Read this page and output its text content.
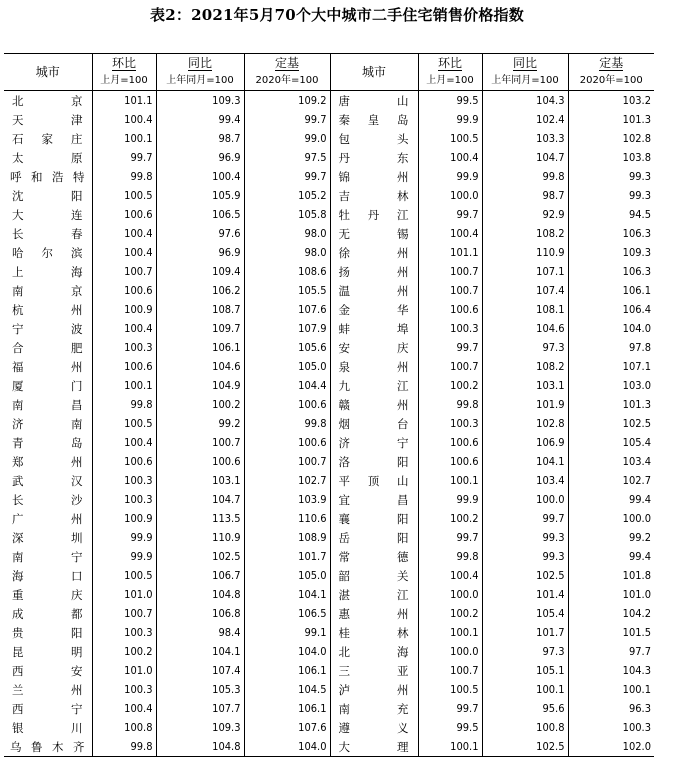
表2：2021年5月70个大中城市二手住宅销售价格指数
城市	环比	同比	定基	城市	环比	同比	定基
	上月=100	上年同月=100	2020年=100		上月=100	上年同月=100	2020年=100
北　京	101.1	109.3	109.2	唐　山	99.5	104.3	103.2
天　津	100.4	99.4	99.7	秦皇岛	99.9	102.4	101.3
石家庄	100.1	98.7	99.0	包　头	100.5	103.3	102.8
太　原	99.7	96.9	97.5	丹　东	100.4	104.7	103.8
呼和浩特	99.8	100.4	99.7	锦　州	99.9	99.8	99.3
沈　阳	100.5	105.9	105.2	吉　林	100.0	98.7	99.3
大　连	100.6	106.5	105.8	牡丹江	99.7	92.9	94.5
长　春	100.4	97.6	98.0	无　锡	100.4	108.2	106.3
哈尔滨	100.4	96.9	98.0	徐　州	101.1	110.9	109.3
上　海	100.7	109.4	108.6	扬　州	100.7	107.1	106.3
南　京	100.6	106.2	105.5	温　州	100.7	107.4	106.1
杭　州	100.9	108.7	107.6	金　华	100.6	108.1	106.4
宁　波	100.4	109.7	107.9	蚌　埠	100.3	104.6	104.0
合　肥	100.3	106.1	105.6	安　庆	99.7	97.3	97.8
福　州	100.6	104.6	105.0	泉　州	100.7	108.2	107.1
厦　门	100.1	104.9	104.4	九　江	100.2	103.1	103.0
南　昌	99.8	100.2	100.6	赣　州	99.8	101.9	101.3
济　南	100.5	99.2	99.8	烟　台	100.3	102.8	102.5
青　岛	100.4	100.7	100.6	济　宁	100.6	106.9	105.4
郑　州	100.6	100.6	100.7	洛　阳	100.6	104.1	103.4
武　汉	100.3	103.1	102.7	平顶山	100.1	103.4	102.7
长　沙	100.3	104.7	103.9	宜　昌	99.9	100.0	99.4
广　州	100.9	113.5	110.6	襄　阳	100.2	99.7	100.0
深　圳	99.9	110.9	108.9	岳　阳	99.7	99.3	99.2
南　宁	99.9	102.5	101.7	常　德	99.8	99.3	99.4
海　口	100.5	106.7	105.0	韶　关	100.4	102.5	101.8
重　庆	101.0	104.8	104.1	湛　江	100.0	101.4	101.0
成　都	100.7	106.8	106.5	惠　州	100.2	105.4	104.2
贵　阳	100.3	98.4	99.1	桂　林	100.1	101.7	101.5
昆　明	100.2	104.1	104.0	北　海	100.0	97.3	97.7
西　安	101.0	107.4	106.1	三　亚	100.7	105.1	104.3
兰　州	100.3	105.3	104.5	泸　州	100.5	100.1	100.1
西　宁	100.4	107.7	106.1	南　充	99.7	95.6	96.3
银　川	100.8	109.3	107.6	遵　义	99.5	100.8	100.3
乌鲁木齐	99.8	104.8	104.0	大　理	100.1	102.5	102.0
